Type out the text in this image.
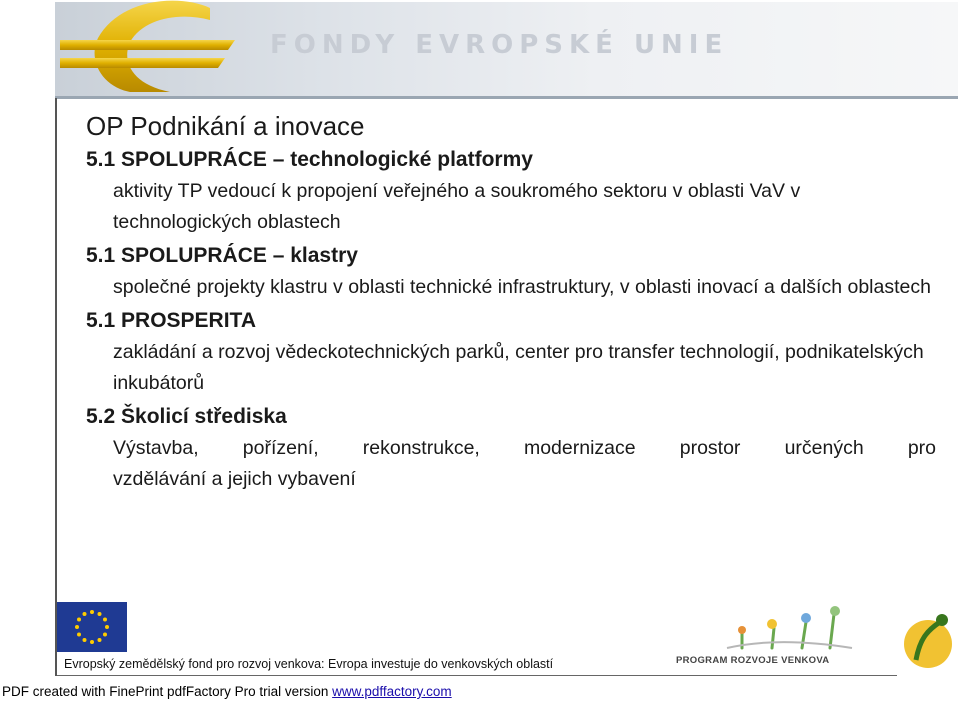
FONDY EVROPSKÉ UNIE
OP Podnikání a inovace
5.1 SPOLUPRÁCE – technologické platformy
aktivity TP vedoucí k propojení veřejného a soukromého sektoru v oblasti VaV v technologických oblastech
5.1 SPOLUPRÁCE – klastry
společné projekty klastru v oblasti technické infrastruktury, v oblasti inovací a dalších oblastech
5.1 PROSPERITA
zakládání a rozvoj vědeckotechnických parků, center pro transfer technologií, podnikatelských inkubátorů
5.2 Školicí střediska
Výstavba, pořízení, rekonstrukce, modernizace prostor určených pro
vzdělávání a jejich vybavení
Evropský zemědělský fond pro rozvoj venkova: Evropa investuje do venkovských oblastí	PROGRAM ROZVOJE VENKOVA
PDF created with FinePrint pdfFactory Pro trial version www.pdffactory.com
